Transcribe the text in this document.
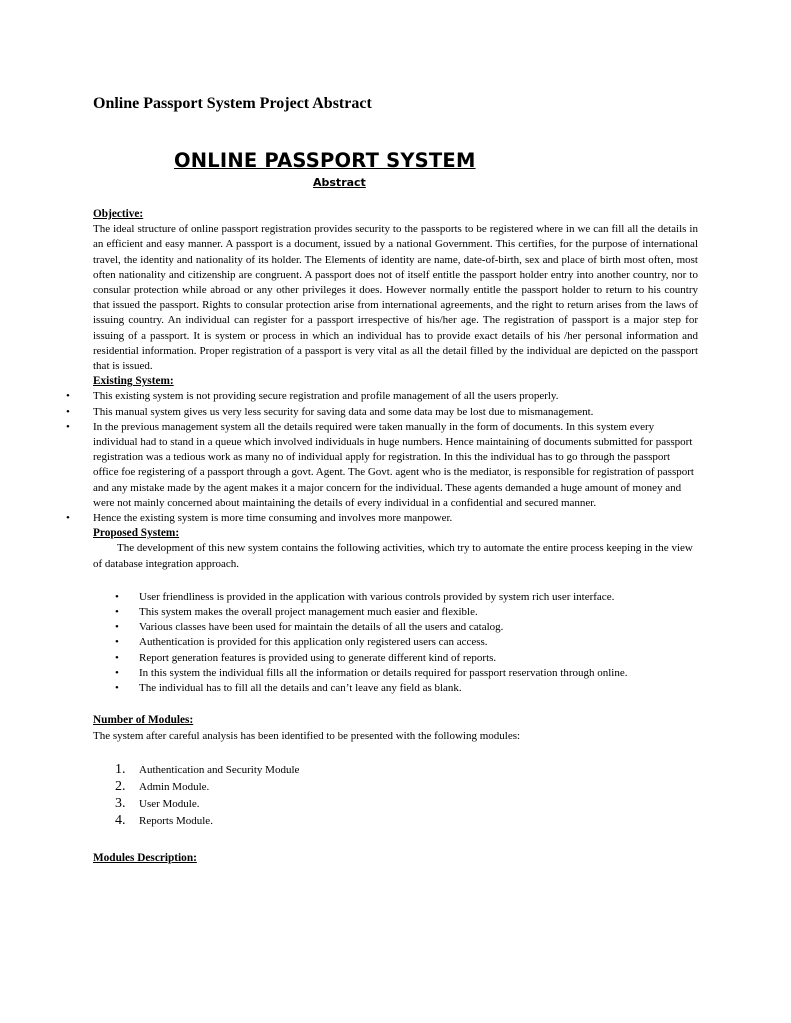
Online Passport System Project Abstract
ONLINE PASSPORT SYSTEM
Abstract
Objective:
The ideal structure of online passport registration provides security to the passports to be registered where in we can fill all the details in an efficient and easy manner. A passport is a document, issued by a national Government. This certifies, for the purpose of international travel, the identity and nationality of its holder. The Elements of identity are name, date-of-birth, sex and place of birth most often, most often nationality and citizenship are congruent. A passport does not of itself entitle the passport holder entry into another country, nor to consular protection while abroad or any other privileges it does. However normally entitle the passport holder to return to his country that issued the passport. Rights to consular protection arise from international agreements, and the right to return arises from the laws of issuing country. An individual can register for a passport irrespective of his/her age. The registration of passport is a major step for issuing of a passport. It is system or process in which an individual has to provide exact details of his /her personal information and residential information. Proper registration of a passport is very vital as all the detail filled by the individual are depicted on the passport that is issued.
Existing System:
• This existing system is not providing secure registration and profile management of all the users properly.
• This manual system gives us very less security for saving data and some data may be lost due to mismanagement.
• In the previous management system all the details required were taken manually in the form of documents. In this system every individual had to stand in a queue which involved individuals in huge numbers. Hence maintaining of documents submitted for passport registration was a tedious work as many no of individual apply for registration. In this the individual has to go through the passport office foe registering of a passport through a govt. Agent. The Govt. agent who is the mediator, is responsible for registration of passport and any mistake made by the agent makes it a major concern for the individual. These agents demanded a huge amount of money and were not mainly concerned about maintaining the details of every individual in a confidential and secured manner.
• Hence the existing system is more time consuming and involves more manpower.
Proposed System:
The development of this new system contains the following activities, which try to automate the entire process keeping in the view of database integration approach.
• User friendliness is provided in the application with various controls provided by system rich user interface.
• This system makes the overall project management much easier and flexible.
• Various classes have been used for maintain the details of all the users and catalog.
• Authentication is provided for this application only registered users can access.
• Report generation features is provided using to generate different kind of reports.
• In this system the individual fills all the information or details required for passport reservation through online.
• The individual has to fill all the details and can’t leave any field as blank.
Number of Modules:
The system after careful analysis has been identified to be presented with the following modules:
1. Authentication and Security Module
2. Admin Module.
3. User Module.
4. Reports Module.
Modules Description:
